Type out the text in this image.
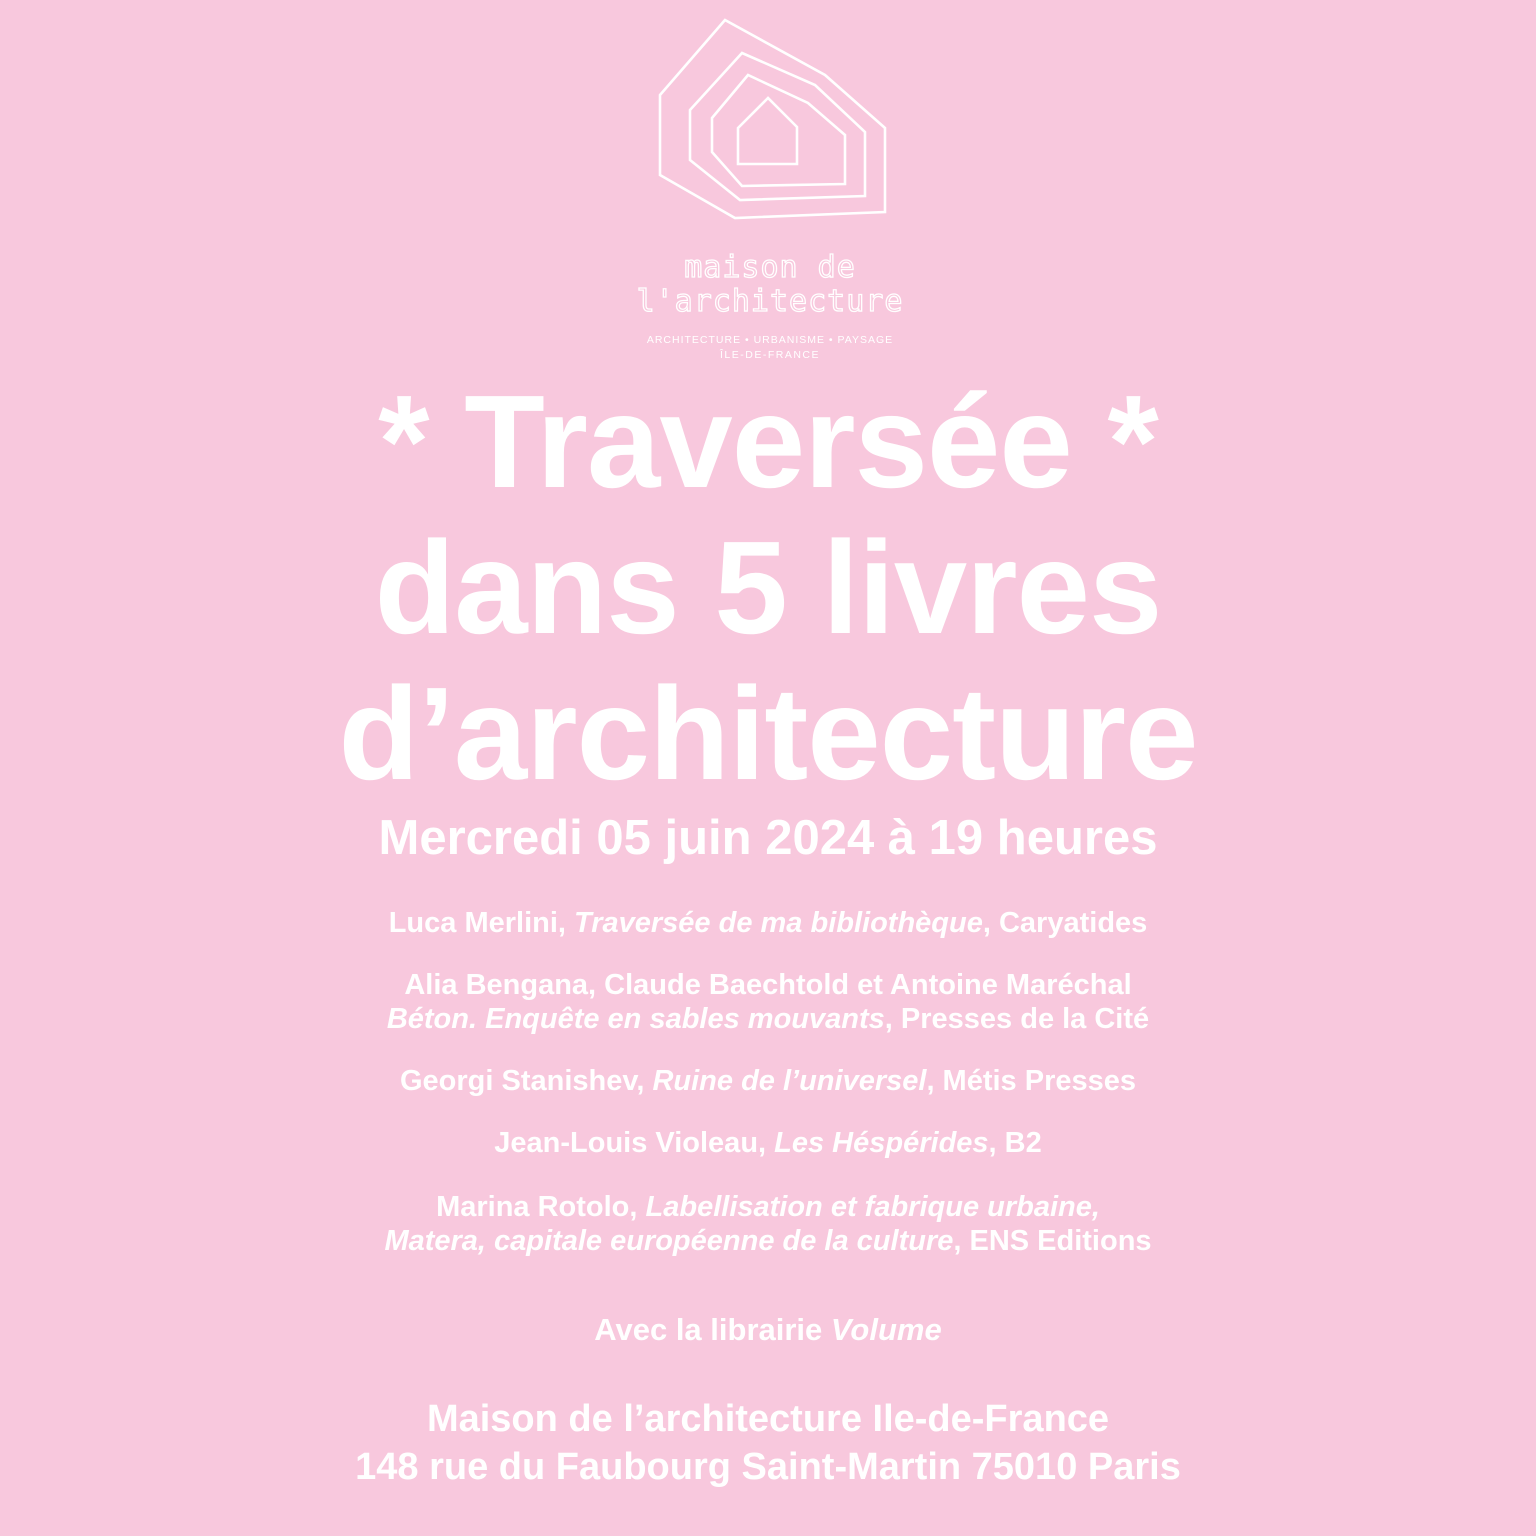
maison de
l'architecture
ARCHITECTURE • URBANISME • PAYSAGE
ÎLE-DE-FRANCE
* Traversée *
dans 5 livres
d’architecture
Mercredi 05 juin 2024 à 19 heures
Luca Merlini, Traversée de ma bibliothèque, Caryatides
Alia Bengana, Claude Baechtold et Antoine Maréchal
Béton. Enquête en sables mouvants, Presses de la Cité
Georgi Stanishev, Ruine de l’universel, Métis Presses
Jean-Louis Violeau, Les Héspérides, B2
Marina Rotolo, Labellisation et fabrique urbaine,
Matera, capitale européenne de la culture, ENS Editions
Avec la librairie Volume
Maison de l’architecture Ile-de-France
148 rue du Faubourg Saint-Martin 75010 Paris
